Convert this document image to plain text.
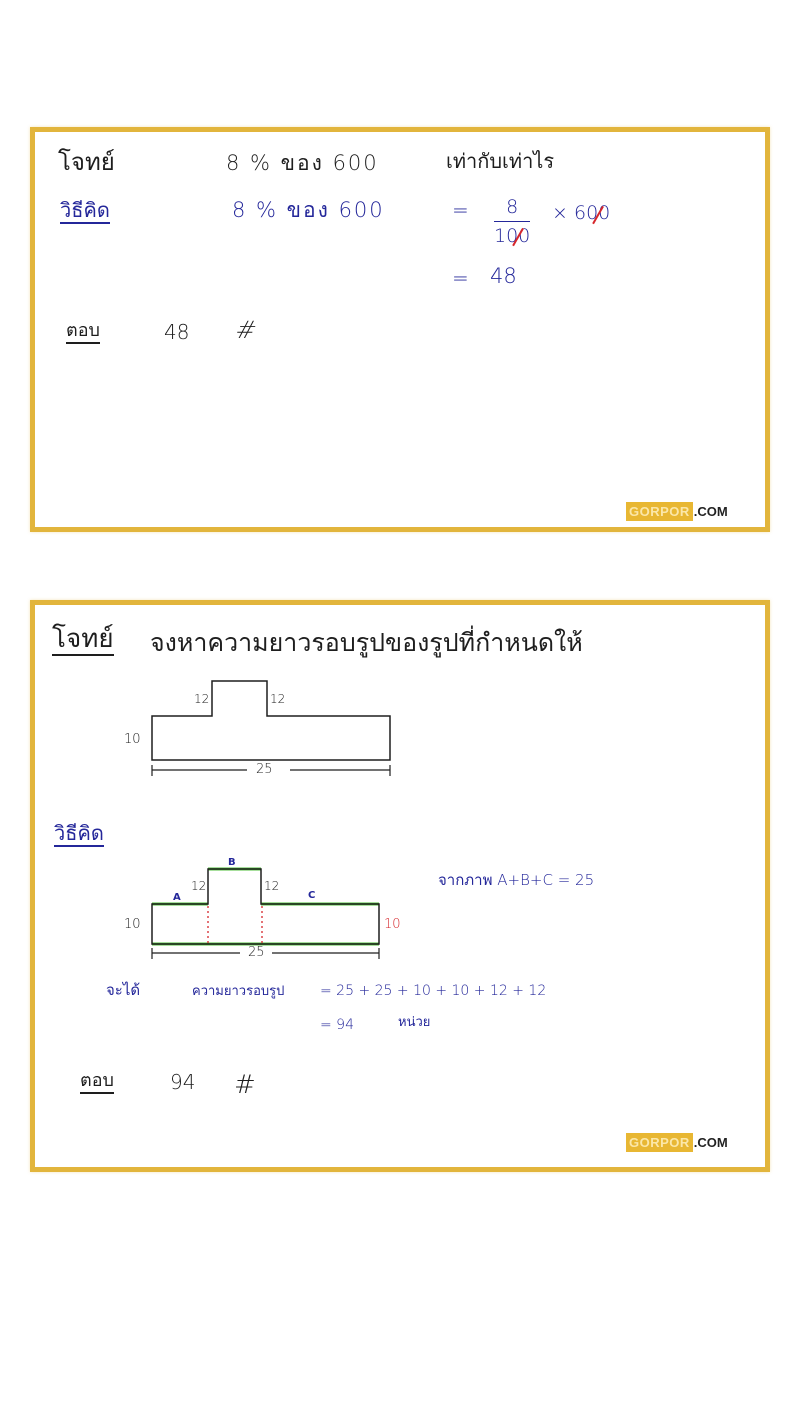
โจทย์	8 % ของ 600	เท่ากับเท่าไร
วิธีคิด	8 % ของ 600	= $\frac{8}{100} \times 600$
= 48
ตอบ	48 #
GORPOR .COM
โจทย์ จงหาความยาวรอบรูปของรูปที่กำหนดให้
12	12
10
25
วิธีคิด
B
A	C
12	12
10	10
25
จากภาพ A+B+C = 25
จะได้	ความยาวรอบรูป	= 25 + 25 + 10 + 10 + 12 + 12
= 94	หน่วย
ตอบ	94 #
GORPOR .COM
